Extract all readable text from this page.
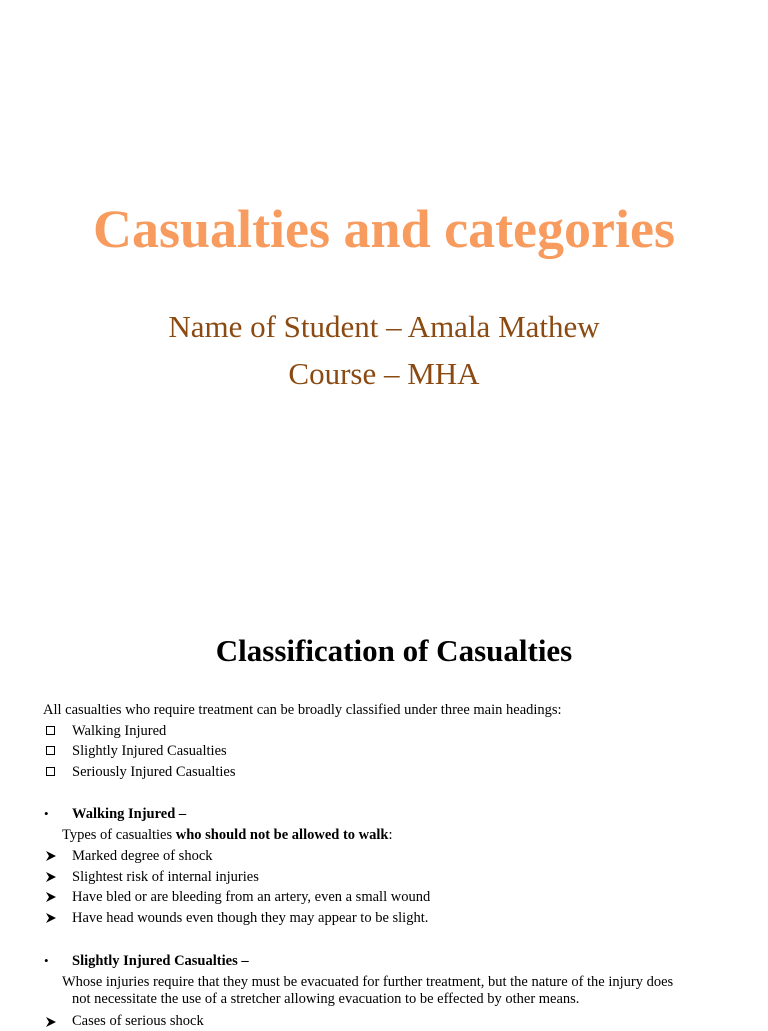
Casualties and categories
Name of Student – Amala Mathew
Course – MHA
Classification of Casualties
All casualties who require treatment can be broadly classified under three main headings:
Walking Injured
Slightly Injured Casualties
Seriously Injured Casualties
• Walking Injured –
Types of casualties who should not be allowed to walk:
Marked degree of shock
Slightest risk of internal injuries
Have bled or are bleeding from an artery, even a small wound
Have head wounds even though they may appear to be slight.
• Slightly Injured Casualties –
Whose injuries require that they must be evacuated for further treatment, but the nature of the injury does
not necessitate the use of a stretcher allowing evacuation to be effected by other means.
Cases of serious shock
